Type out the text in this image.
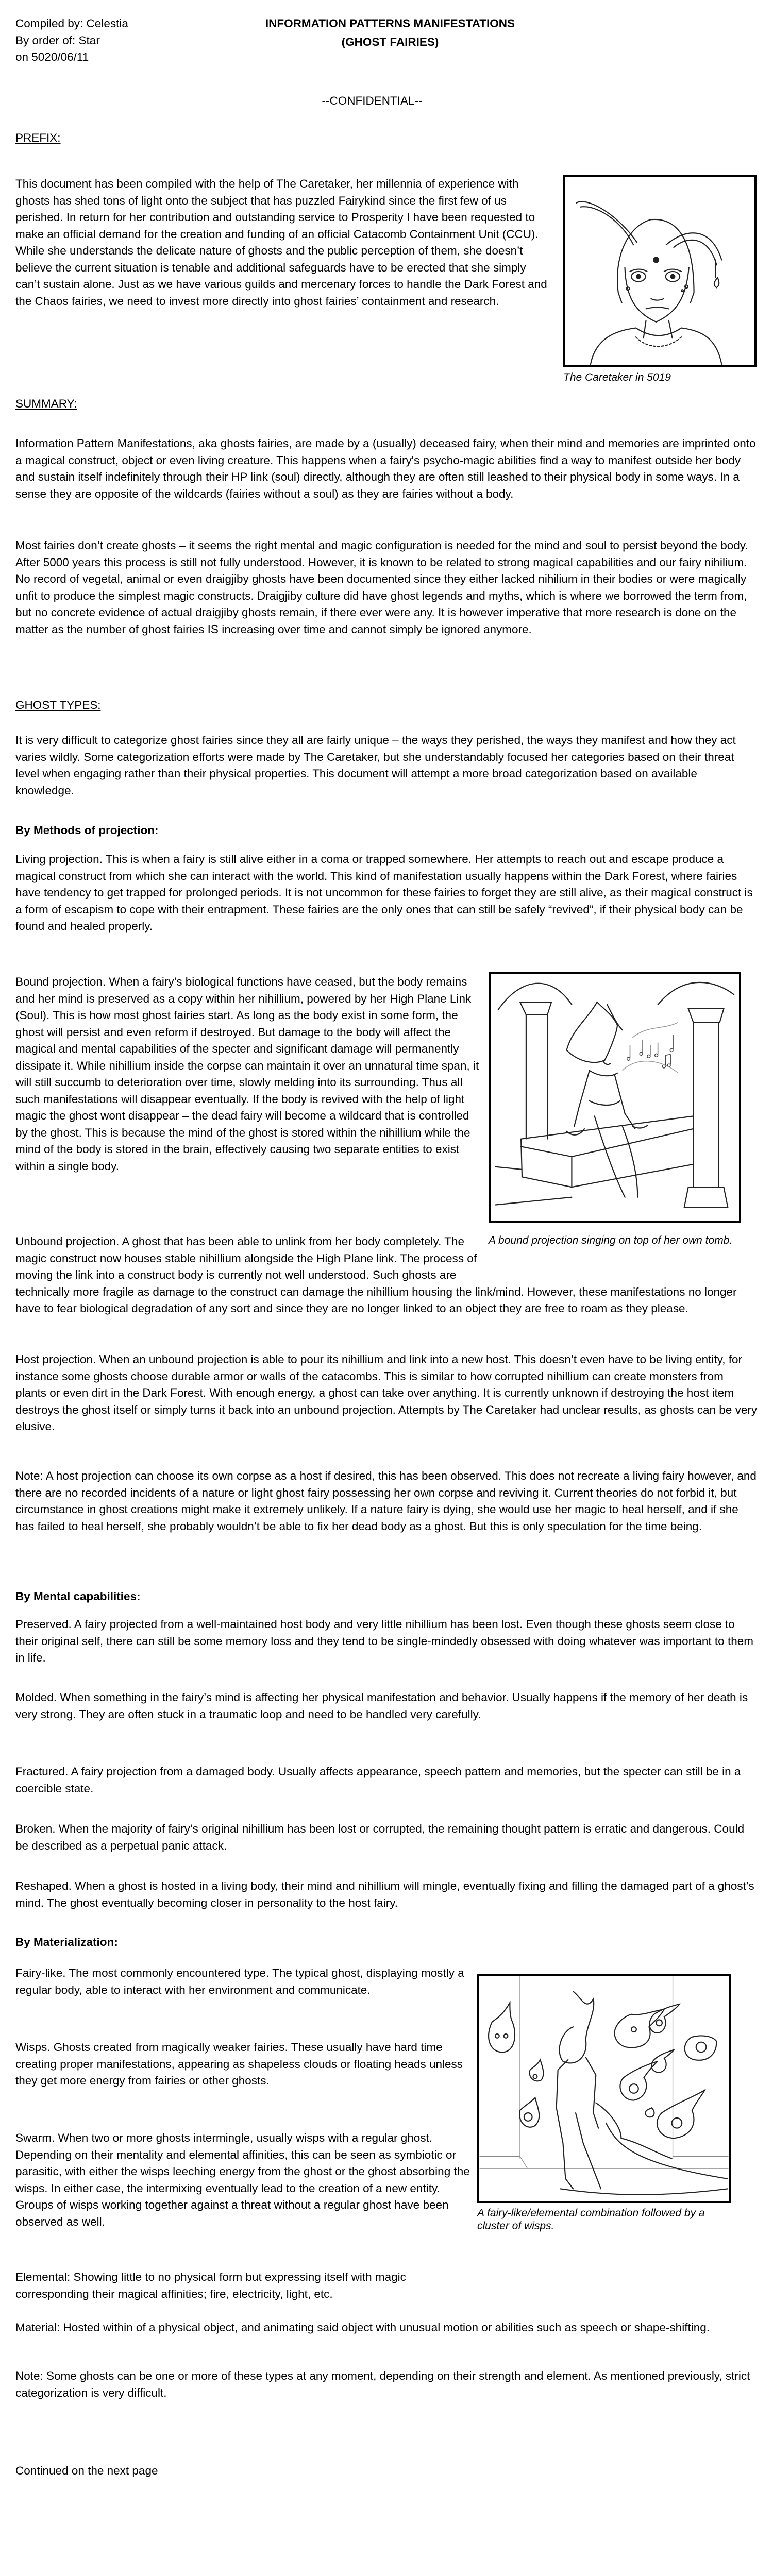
Compiled by: Celestia
By order of: Star
on 5020/06/11
INFORMATION PATTERNS MANIFESTATIONS
(GHOST FAIRIES)
--CONFIDENTIAL--
PREFIX:

This document has been compiled with the help of The Caretaker, her millennia of experience with ghosts has shed tons of light onto the subject that has puzzled Fairykind since the first few of us perished. In return for her contribution and outstanding service to Prosperity I have been requested to make an official demand for the creation and funding of an official Catacomb Containment Unit (CCU). While she understands the delicate nature of ghosts and the public perception of them, she doesn’t believe the current situation is tenable and additional safeguards have to be erected that she simply can’t sustain alone. Just as we have various guilds and mercenary forces to handle the Dark Forest and the Chaos fairies, we need to invest more directly into ghost fairies’ containment and research.

The Caretaker in 5019
SUMMARY:

Information Pattern Manifestations, aka ghosts fairies, are made by a (usually) deceased fairy, when their mind and memories are imprinted onto a magical construct, object or even living creature. This happens when a fairy's psycho-magic abilities find a way to manifest outside her body and sustain itself indefinitely through their HP link (soul) directly, although they are often still leashed to their physical body in some ways. In a sense they are opposite of the wildcards (fairies without a soul) as they are fairies without a body.

Most fairies don’t create ghosts – it seems the right mental and magic configuration is needed for the mind and soul to persist beyond the body. After 5000 years this process is still not fully understood. However, it is known to be related to strong magical capabilities and our fairy nihilium. No record of vegetal, animal or even draigjiby ghosts have been documented since they either lacked nihilium in their bodies or were magically unfit to produce the simplest magic constructs. Draigjiby culture did have ghost legends and myths, which is where we borrowed the term from, but no concrete evidence of actual draigjiby ghosts remain, if there ever were any. It is however imperative that more research is done on the matter as the number of ghost fairies IS increasing over time and cannot simply be ignored anymore.

GHOST TYPES:

It is very difficult to categorize ghost fairies since they all are fairly unique – the ways they perished, the ways they manifest and how they act varies wildly. Some categorization efforts were made by The Caretaker, but she understandably focused her categories based on their threat level when engaging rather than their physical properties. This document will attempt a more broad categorization based on available knowledge.

By Methods of projection:

Living projection. This is when a fairy is still alive either in a coma or trapped somewhere. Her attempts to reach out and escape produce a magical construct from which she can interact with the world. This kind of manifestation usually happens within the Dark Forest, where fairies have tendency to get trapped for prolonged periods. It is not uncommon for these fairies to forget they are still alive, as their magical construct is a form of escapism to cope with their entrapment. These fairies are the only ones that can still be safely “revived”, if their physical body can be found and healed properly.

Bound projection. When a fairy’s biological functions have ceased, but the body remains and her mind is preserved as a copy within her nihillium, powered by her High Plane Link (Soul). This is how most ghost fairies start. As long as the body exist in some form, the ghost will persist and even reform if destroyed. But damage to the body will affect the magical and mental capabilities of the specter and significant damage will permanently dissipate it. While nihillium inside the corpse can maintain it over an unnatural time span, it will still succumb to deterioration over time, slowly melding into its surrounding. Thus all such manifestations will disappear eventually. If the body is revived with the help of light magic the ghost wont disappear – the dead fairy will become a wildcard that is controlled by the ghost. This is because the mind of the ghost is stored within the nihillium while the mind of the body is stored in the brain, effectively causing two separate entities to exist within a single body.

A bound projection singing on top of her own tomb.

Unbound projection. A ghost that has been able to unlink from her body completely. The magic construct now houses stable nihillium alongside the High Plane link. The process of moving the link into a construct body is currently not well understood. Such ghosts are technically more fragile as damage to the construct can damage the nihillium housing the link/mind. However, these manifestations no longer have to fear biological degradation of any sort and since they are no longer linked to an object they are free to roam as they please.

Host projection. When an unbound projection is able to pour its nihillium and link into a new host. This doesn’t even have to be living entity, for instance some ghosts choose durable armor or walls of the catacombs. This is similar to how corrupted nihillium can create monsters from plants or even dirt in the Dark Forest. With enough energy, a ghost can take over anything. It is currently unknown if destroying the host item destroys the ghost itself or simply turns it back into an unbound projection. Attempts by The Caretaker had unclear results, as ghosts can be very elusive.

Note: A host projection can choose its own corpse as a host if desired, this has been observed. This does not recreate a living fairy however, and there are no recorded incidents of a nature or light ghost fairy possessing her own corpse and reviving it. Current theories do not forbid it, but circumstance in ghost creations might make it extremely unlikely. If a nature fairy is dying, she would use her magic to heal herself, and if she has failed to heal herself, she probably wouldn’t be able to fix her dead body as a ghost. But this is only speculation for the time being.

By Mental capabilities:

Preserved. A fairy projected from a well-maintained host body and very little nihillium has been lost. Even though these ghosts seem close to their original self, there can still be some memory loss and they tend to be single-mindedly obsessed with doing whatever was important to them in life.

Molded. When something in the fairy’s mind is affecting her physical manifestation and behavior. Usually happens if the memory of her death is very strong. They are often stuck in a traumatic loop and need to be handled very carefully.

Fractured. A fairy projection from a damaged body. Usually affects appearance, speech pattern and memories, but the specter can still be in a coercible state.

Broken. When the majority of fairy’s original nihillium has been lost or corrupted, the remaining thought pattern is erratic and dangerous. Could be described as a perpetual panic attack.

Reshaped. When a ghost is hosted in a living body, their mind and nihillium will mingle, eventually fixing and filling the damaged part of a ghost’s mind. The ghost eventually becoming closer in personality to the host fairy.

By Materialization:

Fairy-like. The most commonly encountered type. The typical ghost, displaying mostly a regular body, able to interact with her environment and communicate.

Wisps. Ghosts created from magically weaker fairies. These usually have hard time creating proper manifestations, appearing as shapeless clouds or floating heads unless they get more energy from fairies or other ghosts.

Swarm. When two or more ghosts intermingle, usually wisps with a regular ghost. Depending on their mentality and elemental affinities, this can be seen as symbiotic or parasitic, with either the wisps leeching energy from the ghost or the ghost absorbing the wisps. In either case, the intermixing eventually lead to the creation of a new entity. Groups of wisps working together against a threat without a regular ghost have been observed as well.

Elemental: Showing little to no physical form but expressing itself with magic corresponding their magical affinities; fire, electricity, light, etc.

A fairy-like/elemental combination followed by a cluster of wisps.

Material: Hosted within of a physical object, and animating said object with unusual motion or abilities such as speech or shape-shifting.

Note: Some ghosts can be one or more of these types at any moment, depending on their strength and element. As mentioned previously, strict categorization is very difficult.

Continued on the next page
